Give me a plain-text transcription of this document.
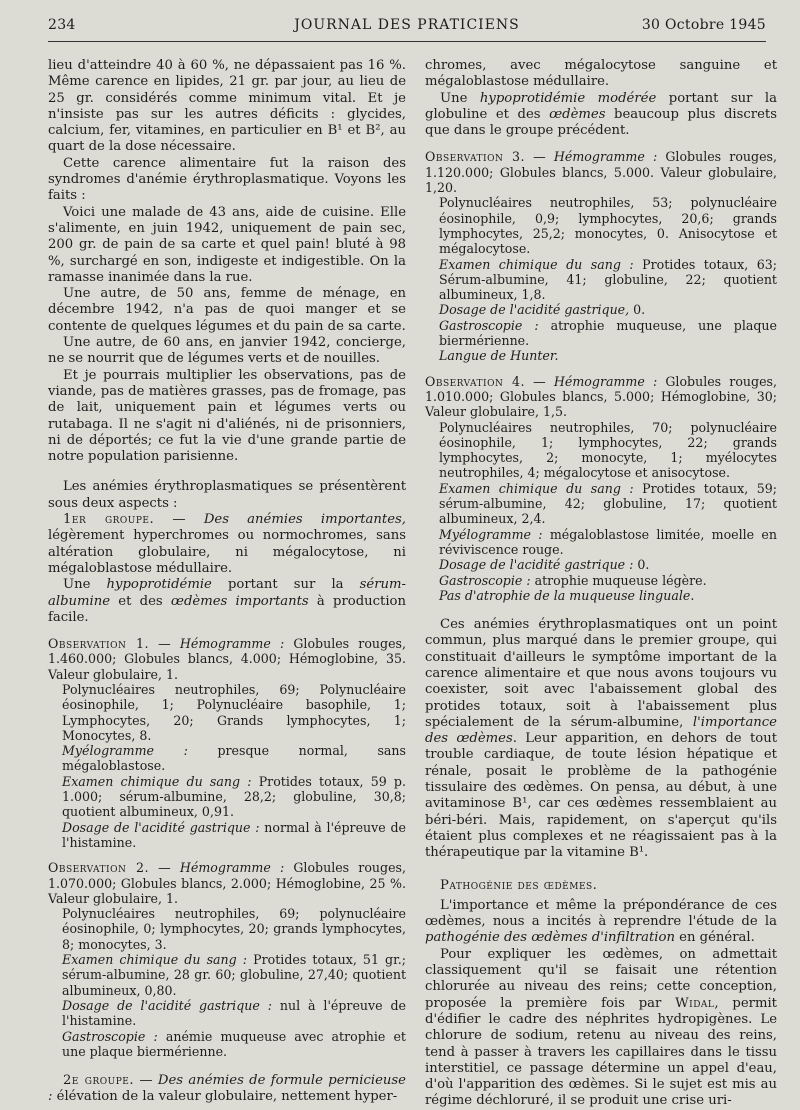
234	JOURNAL DES PRATICIENS	30 Octobre 1945

lieu d'atteindre 40 à 60 %, ne dépassaient pas 16 %. Même carence en lipides, 21 gr. par jour, au lieu de 25 gr. considérés comme minimum vital. Et je n'insiste pas sur les autres déficits : glycides, calcium, fer, vitamines, en particulier en B¹ et B², au quart de la dose nécessaire.

Cette carence alimentaire fut la raison des syndromes d'anémie érythroplasmatique. Voyons les faits :

Voici une malade de 43 ans, aide de cuisine. Elle s'alimente, en juin 1942, uniquement de pain sec, 200 gr. de pain de sa carte et quel pain! bluté à 98 %, surchargé en son, indigeste et indigestible. On la ramasse inanimée dans la rue.

Une autre, de 50 ans, femme de ménage, en décembre 1942, n'a pas de quoi manger et se contente de quelques légumes et du pain de sa carte.

Une autre, de 60 ans, en janvier 1942, concierge, ne se nourrit que de légumes verts et de nouilles.

Et je pourrais multiplier les observations, pas de viande, pas de matières grasses, pas de fromage, pas de lait, uniquement pain et légumes verts ou rutabaga. Il ne s'agit ni d'aliénés, ni de prisonniers, ni de déportés; ce fut la vie d'une grande partie de notre population parisienne.

Les anémies érythroplasmatiques se présentèrent sous deux aspects :

1er groupe. — Des anémies importantes, légèrement hyperchromes ou normochromes, sans altération globulaire, ni mégalocytose, ni mégaloblastose médullaire.

Une hypoprotidémie portant sur la sérum-albumine et des œdèmes importants à production facile.

Observation 1. — Hémogramme : Globules rouges, 1.460.000; Globules blancs, 4.000; Hémoglobine, 35. Valeur globulaire, 1.

Polynucléaires neutrophiles, 69; Polynucléaire éosinophile, 1; Polynucléaire basophile, 1; Lymphocytes, 20; Grands lymphocytes, 1; Monocytes, 8.
Myélogramme : presque normal, sans mégaloblastose.
Examen chimique du sang : Protides totaux, 59 p. 1.000; sérum-albumine, 28,2; globuline, 30,8; quotient albumineux, 0,91.
Dosage de l'acidité gastrique : normal à l'épreuve de l'histamine.

Observation 2. — Hémogramme : Globules rouges, 1.070.000; Globules blancs, 2.000; Hémoglobine, 25 %. Valeur globulaire, 1.

Polynucléaires neutrophiles, 69; polynucléaire éosinophile, 0; lymphocytes, 20; grands lymphocytes, 8; monocytes, 3.
Examen chimique du sang : Protides totaux, 51 gr.; sérum-albumine, 28 gr. 60; globuline, 27,40; quotient albumineux, 0,80.
Dosage de l'acidité gastrique : nul à l'épreuve de l'histamine.
Gastroscopie : anémie muqueuse avec atrophie et une plaque biermérienne.

2e groupe. — Des anémies de formule pernicieuse : élévation de la valeur globulaire, nettement hyper-

chromes, avec mégalocytose sanguine et mégaloblastose médullaire.

Une hypoprotidémie modérée portant sur la globuline et des œdèmes beaucoup plus discrets que dans le groupe précédent.

Observation 3. — Hémogramme : Globules rouges, 1.120.000; Globules blancs, 5.000. Valeur globulaire, 1,20.

Polynucléaires neutrophiles, 53; polynucléaire éosinophile, 0,9; lymphocytes, 20,6; grands lymphocytes, 25,2; monocytes, 0. Anisocytose et mégalocytose.
Examen chimique du sang : Protides totaux, 63; Sérum-albumine, 41; globuline, 22; quotient albumineux, 1,8.
Dosage de l'acidité gastrique, 0.
Gastroscopie : atrophie muqueuse, une plaque biermérienne.
Langue de Hunter.

Observation 4. — Hémogramme : Globules rouges, 1.010.000; Globules blancs, 5.000; Hémoglobine, 30; Valeur globulaire, 1,5.

Polynucléaires neutrophiles, 70; polynucléaire éosinophile, 1; lymphocytes, 22; grands lymphocytes, 2; monocyte, 1; myélocytes neutrophiles, 4; mégalocytose et anisocytose.
Examen chimique du sang : Protides totaux, 59; sérum-albumine, 42; globuline, 17; quotient albumineux, 2,4.
Myélogramme : mégaloblastose limitée, moelle en réviviscence rouge.
Dosage de l'acidité gastrique : 0.
Gastroscopie : atrophie muqueuse légère.
Pas d'atrophie de la muqueuse linguale.

Ces anémies érythroplasmatiques ont un point commun, plus marqué dans le premier groupe, qui constituait d'ailleurs le symptôme important de la carence alimentaire et que nous avons toujours vu coexister, soit avec l'abaissement global des protides totaux, soit à l'abaissement plus spécialement de la sérum-albumine, l'importance des œdèmes. Leur apparition, en dehors de tout trouble cardiaque, de toute lésion hépatique et rénale, posait le problème de la pathogénie tissulaire des œdèmes. On pensa, au début, à une avitaminose B¹, car ces œdèmes ressemblaient au béri-béri. Mais, rapidement, on s'aperçut qu'ils étaient plus complexes et ne réagissaient pas à la thérapeutique par la vitamine B¹.

Pathogénie des œdèmes.

L'importance et même la prépondérance de ces œdèmes, nous a incités à reprendre l'étude de la pathogénie des œdèmes d'infiltration en général.

Pour expliquer les œdèmes, on admettait classiquement qu'il se faisait une rétention chlorurée au niveau des reins; cette conception, proposée la première fois par Widal, permit d'édifier le cadre des néphrites hydropigènes. Le chlorure de sodium, retenu au niveau des reins, tend à passer à travers les capillaires dans le tissu interstitiel, ce passage détermine un appel d'eau, d'où l'apparition des œdèmes. Si le sujet est mis au régime déchloruré, il se produit une crise uri-
